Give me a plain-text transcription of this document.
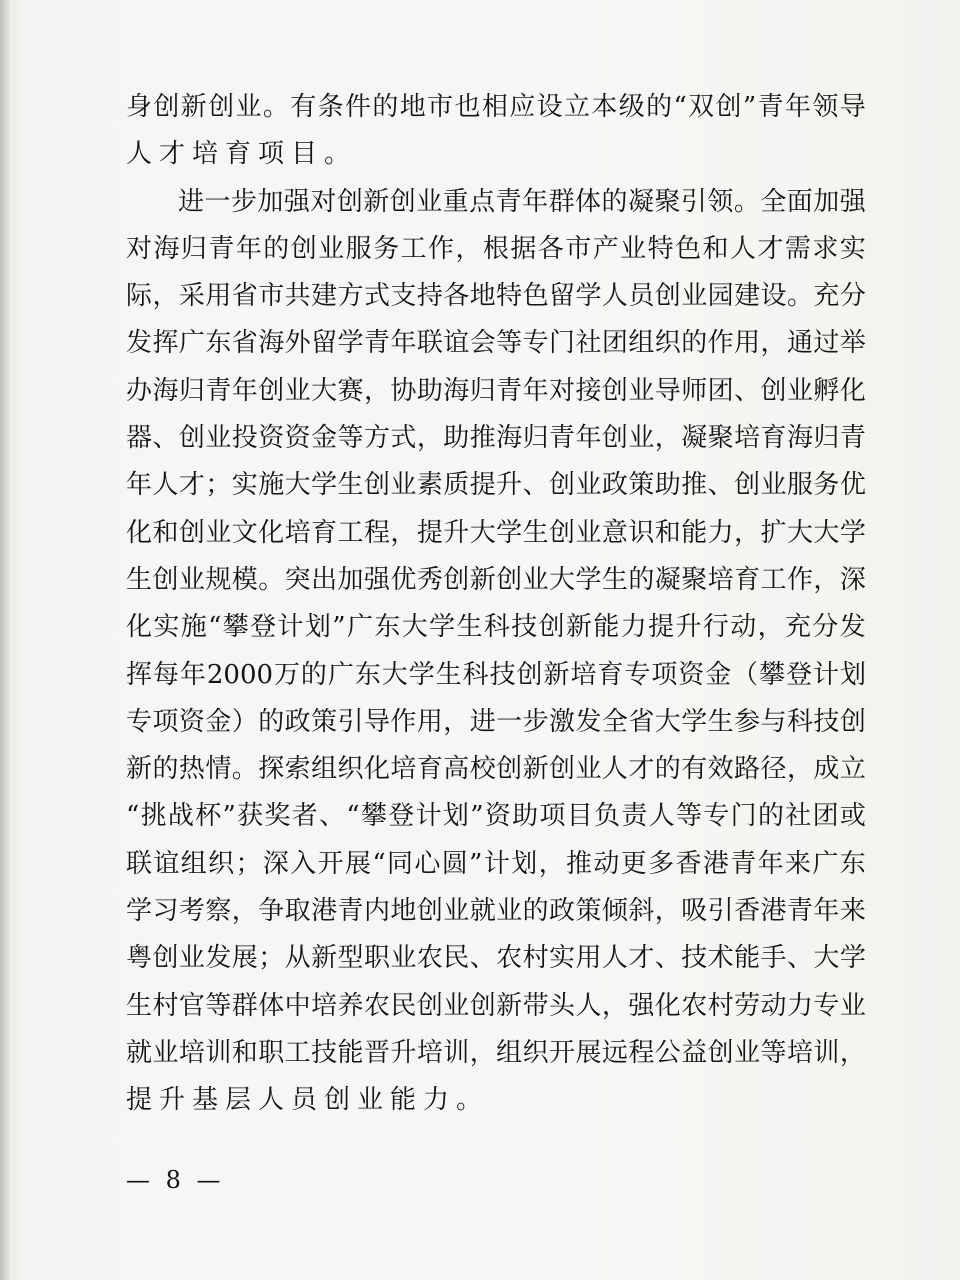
身 创 新 创 业 。 有 条 件 的 地 市 也 相 应 设 立 本 级 的 “ 双 创 ” 青 年 领 导
人才培育项目。
进 一 步 加 强 对 创 新 创 业 重 点 青 年 群 体 的 凝 聚 引 领 。 全 面 加 强
对 海 归 青 年 的 创 业 服 务 工 作 ， 根 据 各 市 产 业 特 色 和 人 才 需 求 实
际 ， 采 用 省 市 共 建 方 式 支 持 各 地 特 色 留 学 人 员 创 业 园 建 设 。 充 分
发 挥 广 东 省 海 外 留 学 青 年 联 谊 会 等 专 门 社 团 组 织 的 作 用 ， 通 过 举
办 海 归 青 年 创 业 大 赛 ， 协 助 海 归 青 年 对 接 创 业 导 师 团 、 创 业 孵 化
器 、 创 业 投 资 资 金 等 方 式 ， 助 推 海 归 青 年 创 业 ， 凝 聚 培 育 海 归 青
年 人 才 ； 实 施 大 学 生 创 业 素 质 提 升 、 创 业 政 策 助 推 、 创 业 服 务 优
化 和 创 业 文 化 培 育 工 程 ， 提 升 大 学 生 创 业 意 识 和 能 力 ， 扩 大 大 学
生 创 业 规 模 。 突 出 加 强 优 秀 创 新 创 业 大 学 生 的 凝 聚 培 育 工 作 ， 深
化 实 施 “ 攀 登 计 划 ” 广 东 大 学 生 科 技 创 新 能 力 提 升 行 动 ， 充 分 发
挥 每 年 2000 万 的 广 东 大 学 生 科 技 创 新 培 育 专 项 资 金 （ 攀 登 计 划
专 项 资 金 ） 的 政 策 引 导 作 用 ， 进 一 步 激 发 全 省 大 学 生 参 与 科 技 创
新 的 热 情 。 探 索 组 织 化 培 育 高 校 创 新 创 业 人 才 的 有 效 路 径 ， 成 立
“ 挑 战 杯 ” 获 奖 者 、 “ 攀 登 计 划 ” 资 助 项 目 负 责 人 等 专 门 的 社 团 或
联 谊 组 织 ； 深 入 开 展 “ 同 心 圆 ” 计 划 ， 推 动 更 多 香 港 青 年 来 广 东
学 习 考 察 ， 争 取 港 青 内 地 创 业 就 业 的 政 策 倾 斜 ， 吸 引 香 港 青 年 来
粤 创 业 发 展 ； 从 新 型 职 业 农 民 、 农 村 实 用 人 才 、 技 术 能 手 、 大 学
生 村 官 等 群 体 中 培 养 农 民 创 业 创 新 带 头 人 ， 强 化 农 村 劳 动 力 专 业
就 业 培 训 和 职 工 技 能 晋 升 培 训 ， 组 织 开 展 远 程 公 益 创 业 等 培 训 ，
提升基层人员创业能力。
— 8 —
